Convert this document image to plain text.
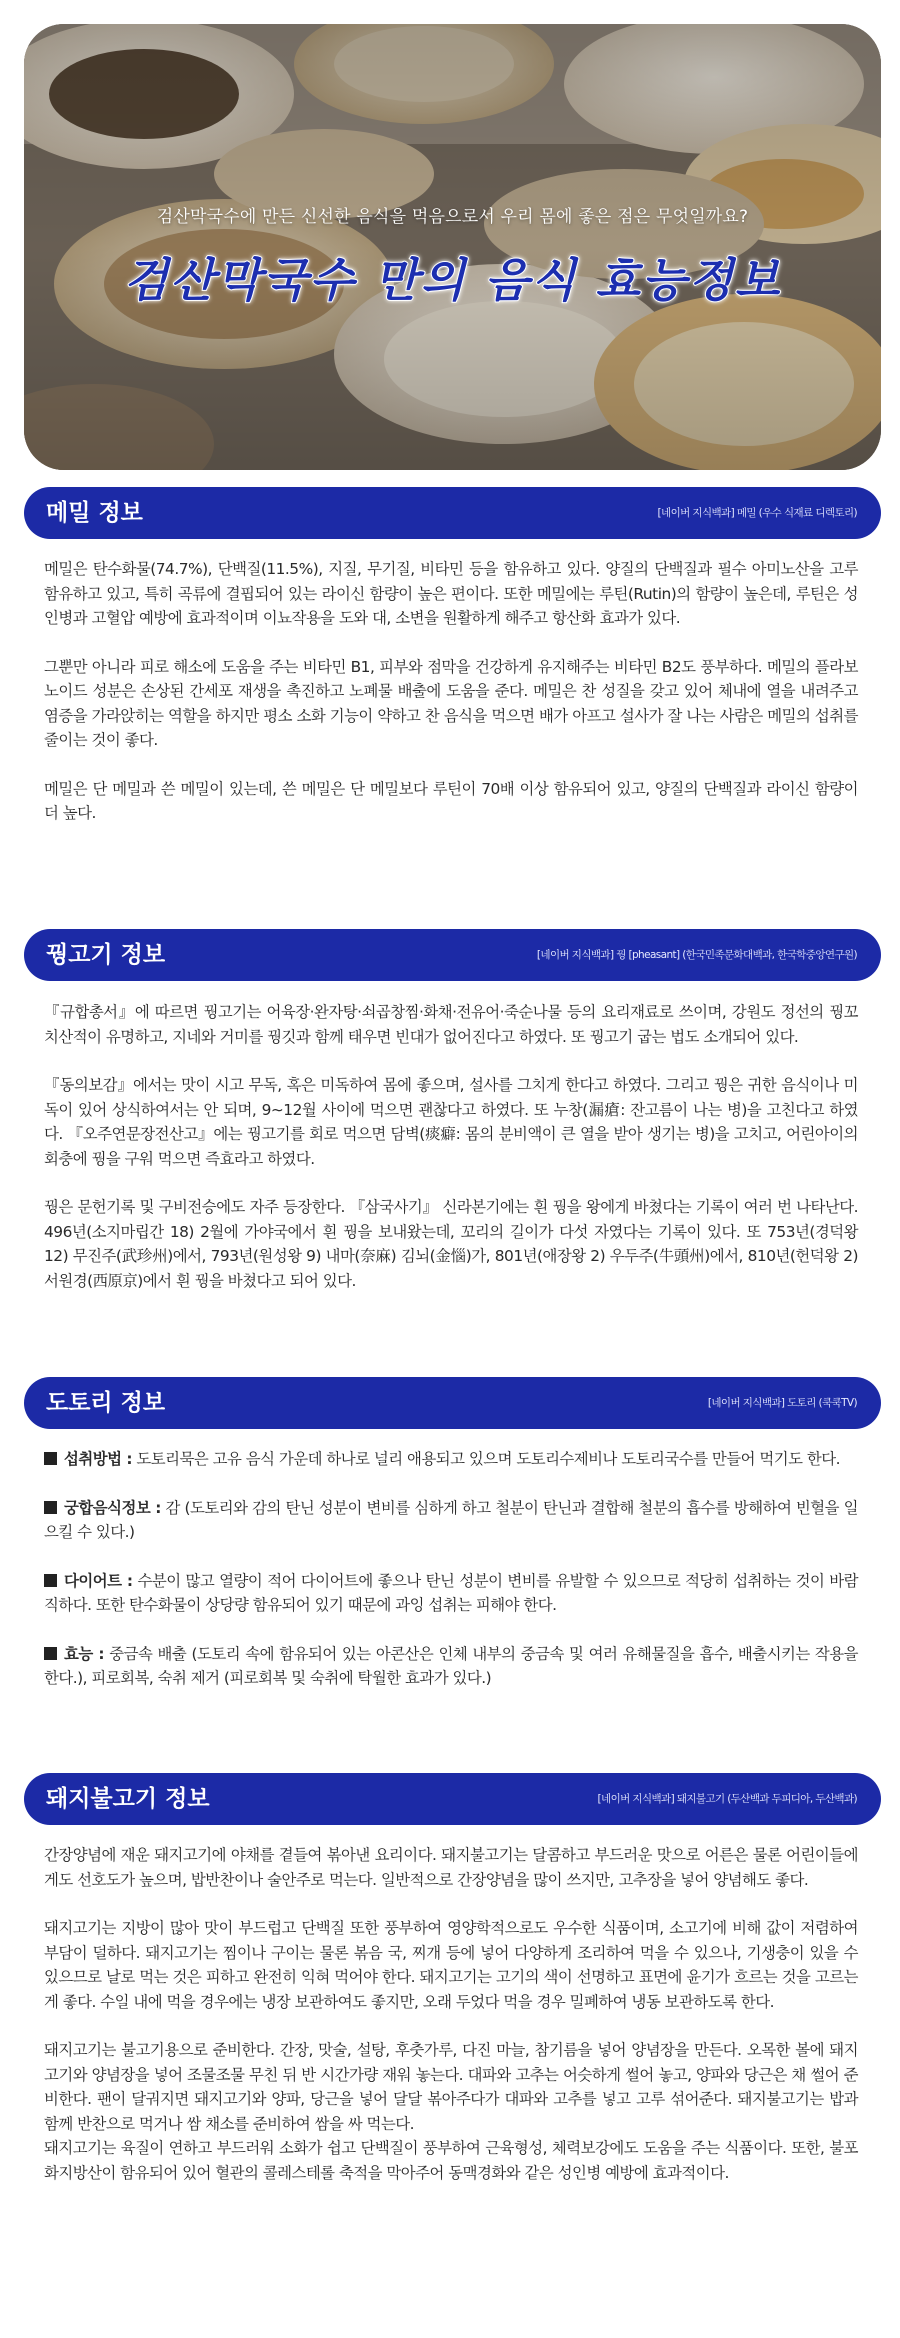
검산막국수에 만든 신선한 음식을 먹음으로서 우리 몸에 좋은 점은 무엇일까요?
검산막국수 만의 음식 효능정보
메밀 정보	[네이버 지식백과] 메밀 (우수 식재료 디렉토리)

메밀은 탄수화물(74.7%), 단백질(11.5%), 지질, 무기질, 비타민 등을 함유하고 있다. 양질의 단백질과 필수 아미노산을 고루 함유하고 있고, 특히 곡류에 결핍되어 있는 라이신 함량이 높은 편이다. 또한 메밀에는 루틴(Rutin)의 함량이 높은데, 루틴은 성인병과 고혈압 예방에 효과적이며 이뇨작용을 도와 대, 소변을 원활하게 해주고 항산화 효과가 있다.

그뿐만 아니라 피로 해소에 도움을 주는 비타민 B1, 피부와 점막을 건강하게 유지해주는 비타민 B2도 풍부하다. 메밀의 플라보노이드 성분은 손상된 간세포 재생을 촉진하고 노폐물 배출에 도움을 준다. 메밀은 찬 성질을 갖고 있어 체내에 열을 내려주고 염증을 가라앉히는 역할을 하지만 평소 소화 기능이 약하고 찬 음식을 먹으면 배가 아프고 설사가 잘 나는 사람은 메밀의 섭취를 줄이는 것이 좋다.

메밀은 단 메밀과 쓴 메밀이 있는데, 쓴 메밀은 단 메밀보다 루틴이 70배 이상 함유되어 있고, 양질의 단백질과 라이신 함량이 더 높다.

꿩고기 정보	[네이버 지식백과] 꿩 [pheasant] (한국민족문화대백과, 한국학중앙연구원)

『규합총서』에 따르면 꿩고기는 어육장·완자탕·쇠곱창찜·화채·전유어·죽순나물 등의 요리재료로 쓰이며, 강원도 정선의 꿩꼬치산적이 유명하고, 지네와 거미를 꿩깃과 함께 태우면 빈대가 없어진다고 하였다. 또 꿩고기 굽는 법도 소개되어 있다.

『동의보감』에서는 맛이 시고 무독, 혹은 미독하여 몸에 좋으며, 설사를 그치게 한다고 하였다. 그리고 꿩은 귀한 음식이나 미독이 있어 상식하여서는 안 되며, 9∼12월 사이에 먹으면 괜찮다고 하였다. 또 누창(漏瘡: 잔고름이 나는 병)을 고친다고 하였다. 『오주연문장전산고』에는 꿩고기를 회로 먹으면 담벽(痰癖: 몸의 분비액이 큰 열을 받아 생기는 병)을 고치고, 어린아이의 회충에 꿩을 구워 먹으면 즉효라고 하였다.

꿩은 문헌기록 및 구비전승에도 자주 등장한다. 『삼국사기』 신라본기에는 흰 꿩을 왕에게 바쳤다는 기록이 여러 번 나타난다. 496년(소지마립간 18) 2월에 가야국에서 흰 꿩을 보내왔는데, 꼬리의 길이가 다섯 자였다는 기록이 있다. 또 753년(경덕왕 12) 무진주(武珍州)에서, 793년(원성왕 9) 내마(奈麻) 김뇌(金惱)가, 801년(애장왕 2) 우두주(牛頭州)에서, 810년(헌덕왕 2) 서원경(西原京)에서 흰 꿩을 바쳤다고 되어 있다.

도토리 정보	[네이버 지식백과] 도토리 (쿡쿡TV)

섭취방법 : 도토리묵은 고유 음식 가운데 하나로 널리 애용되고 있으며 도토리수제비나 도토리국수를 만들어 먹기도 한다.

궁합음식정보 : 감 (도토리와 감의 탄닌 성분이 변비를 심하게 하고 철분이 탄닌과 결합해 철분의 흡수를 방해하여 빈혈을 일으킬 수 있다.)

다이어트 : 수분이 많고 열량이 적어 다이어트에 좋으나 탄닌 성분이 변비를 유발할 수 있으므로 적당히 섭취하는 것이 바람직하다. 또한 탄수화물이 상당량 함유되어 있기 때문에 과잉 섭취는 피해야 한다.

효능 : 중금속 배출 (도토리 속에 함유되어 있는 아콘산은 인체 내부의 중금속 및 여러 유해물질을 흡수, 배출시키는 작용을 한다.), 피로회복, 숙취 제거 (피로회복 및 숙취에 탁월한 효과가 있다.)

돼지불고기 정보	[네이버 지식백과] 돼지불고기 (두산백과 두피디아, 두산백과)

간장양념에 재운 돼지고기에 야채를 곁들여 볶아낸 요리이다. 돼지불고기는 달콤하고 부드러운 맛으로 어른은 물론 어린이들에게도 선호도가 높으며, 밥반찬이나 술안주로 먹는다. 일반적으로 간장양념을 많이 쓰지만, 고추장을 넣어 양념해도 좋다.

돼지고기는 지방이 많아 맛이 부드럽고 단백질 또한 풍부하여 영양학적으로도 우수한 식품이며, 소고기에 비해 값이 저렴하여 부담이 덜하다. 돼지고기는 찜이나 구이는 물론 볶음 국, 찌개 등에 넣어 다양하게 조리하여 먹을 수 있으나, 기생충이 있을 수 있으므로 날로 먹는 것은 피하고 완전히 익혀 먹어야 한다. 돼지고기는 고기의 색이 선명하고 표면에 윤기가 흐르는 것을 고르는 게 좋다. 수일 내에 먹을 경우에는 냉장 보관하여도 좋지만, 오래 두었다 먹을 경우 밀폐하여 냉동 보관하도록 한다.

돼지고기는 불고기용으로 준비한다. 간장, 맛술, 설탕, 후춧가루, 다진 마늘, 참기름을 넣어 양념장을 만든다. 오목한 볼에 돼지고기와 양념장을 넣어 조물조물 무친 뒤 반 시간가량 재워 놓는다. 대파와 고추는 어슷하게 썰어 놓고, 양파와 당근은 채 썰어 준비한다. 팬이 달궈지면 돼지고기와 양파, 당근을 넣어 달달 볶아주다가 대파와 고추를 넣고 고루 섞어준다. 돼지불고기는 밥과 함께 반찬으로 먹거나 쌈 채소를 준비하여 쌈을 싸 먹는다.

돼지고기는 육질이 연하고 부드러워 소화가 쉽고 단백질이 풍부하여 근육형성, 체력보강에도 도움을 주는 식품이다. 또한, 불포화지방산이 함유되어 있어 혈관의 콜레스테롤 축적을 막아주어 동맥경화와 같은 성인병 예방에 효과적이다.
